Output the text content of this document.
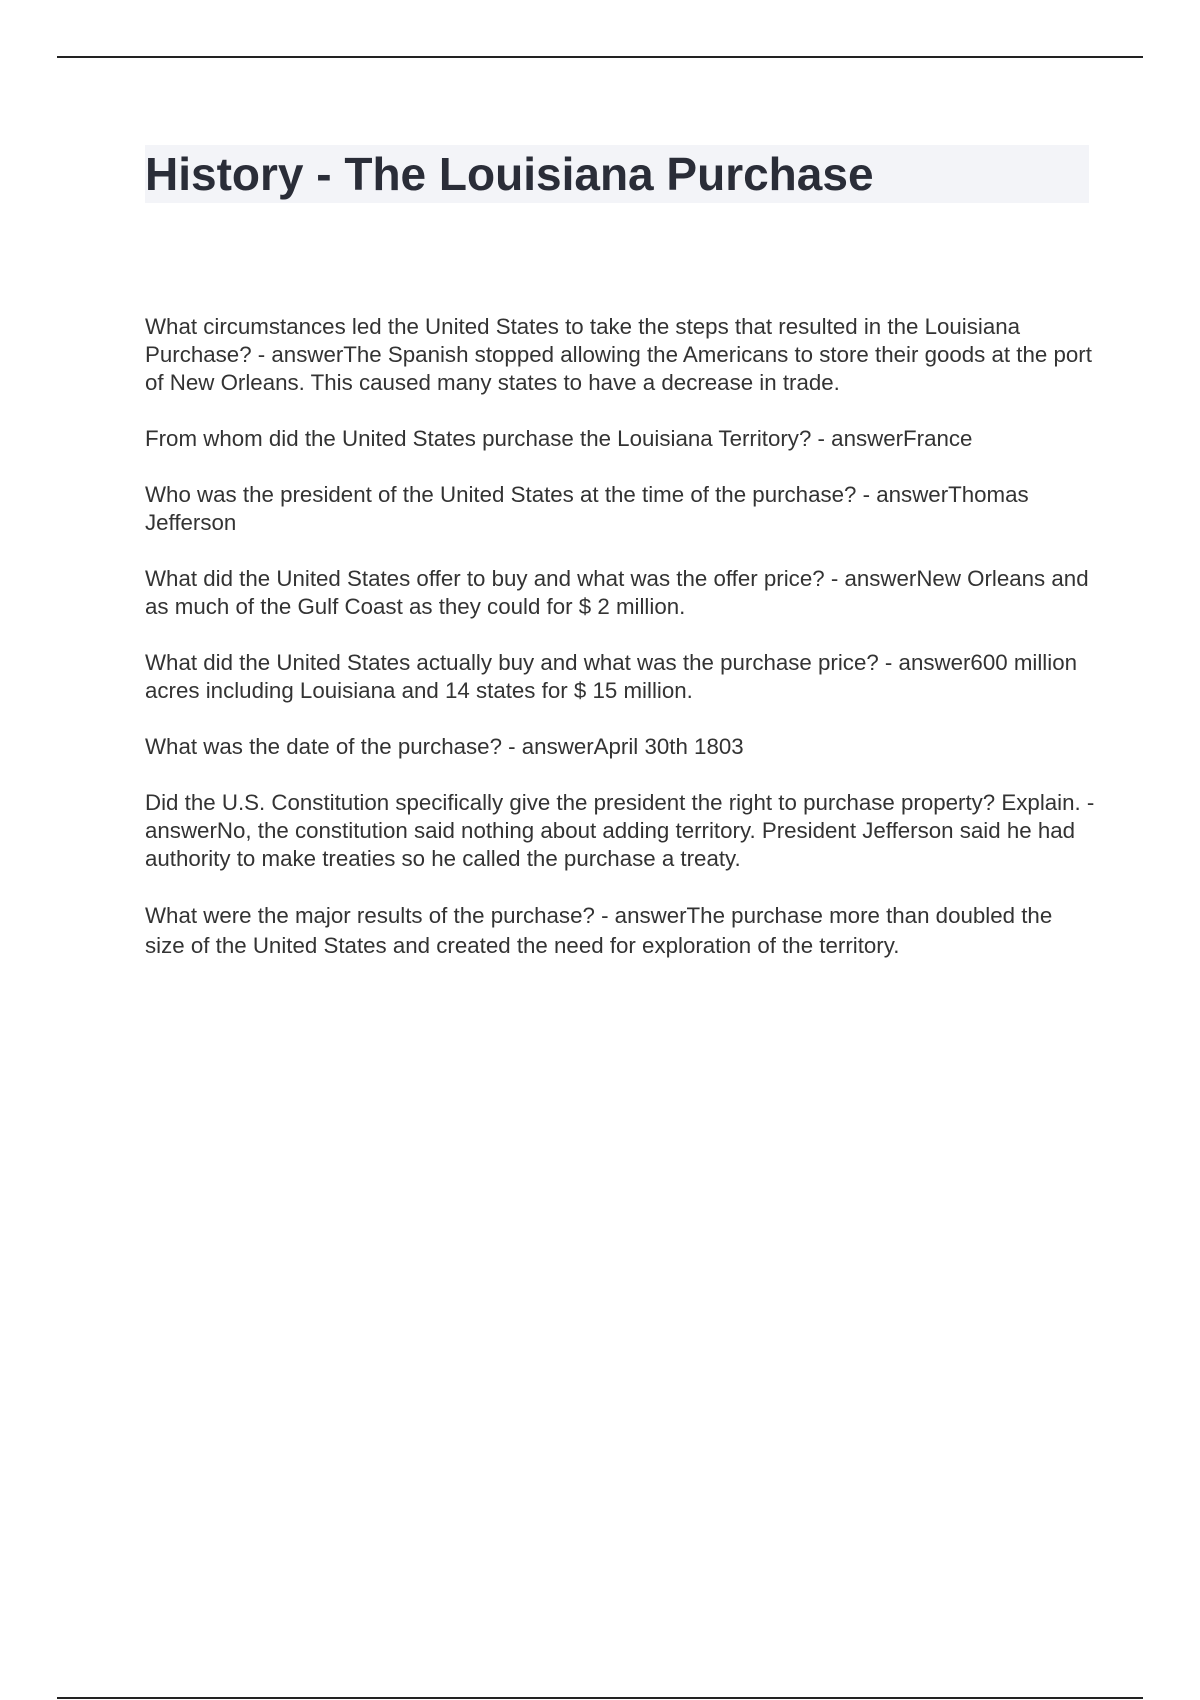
History - The Louisiana Purchase

What circumstances led the United States to take the steps that resulted in the Louisiana Purchase? - answerThe Spanish stopped allowing the Americans to store their goods at the port of New Orleans. This caused many states to have a decrease in trade.

From whom did the United States purchase the Louisiana Territory? - answerFrance

Who was the president of the United States at the time of the purchase? - answerThomas Jefferson

What did the United States offer to buy and what was the offer price? - answerNew Orleans and as much of the Gulf Coast as they could for $ 2 million.

What did the United States actually buy and what was the purchase price? - answer600 million acres including Louisiana and 14 states for $ 15 million.

What was the date of the purchase? - answerApril 30th 1803

Did the U.S. Constitution specifically give the president the right to purchase property? Explain. - answerNo, the constitution said nothing about adding territory. President Jefferson said he had authority to make treaties so he called the purchase a treaty.

What were the major results of the purchase? - answerThe purchase more than doubled the size of the United States and created the need for exploration of the territory.
